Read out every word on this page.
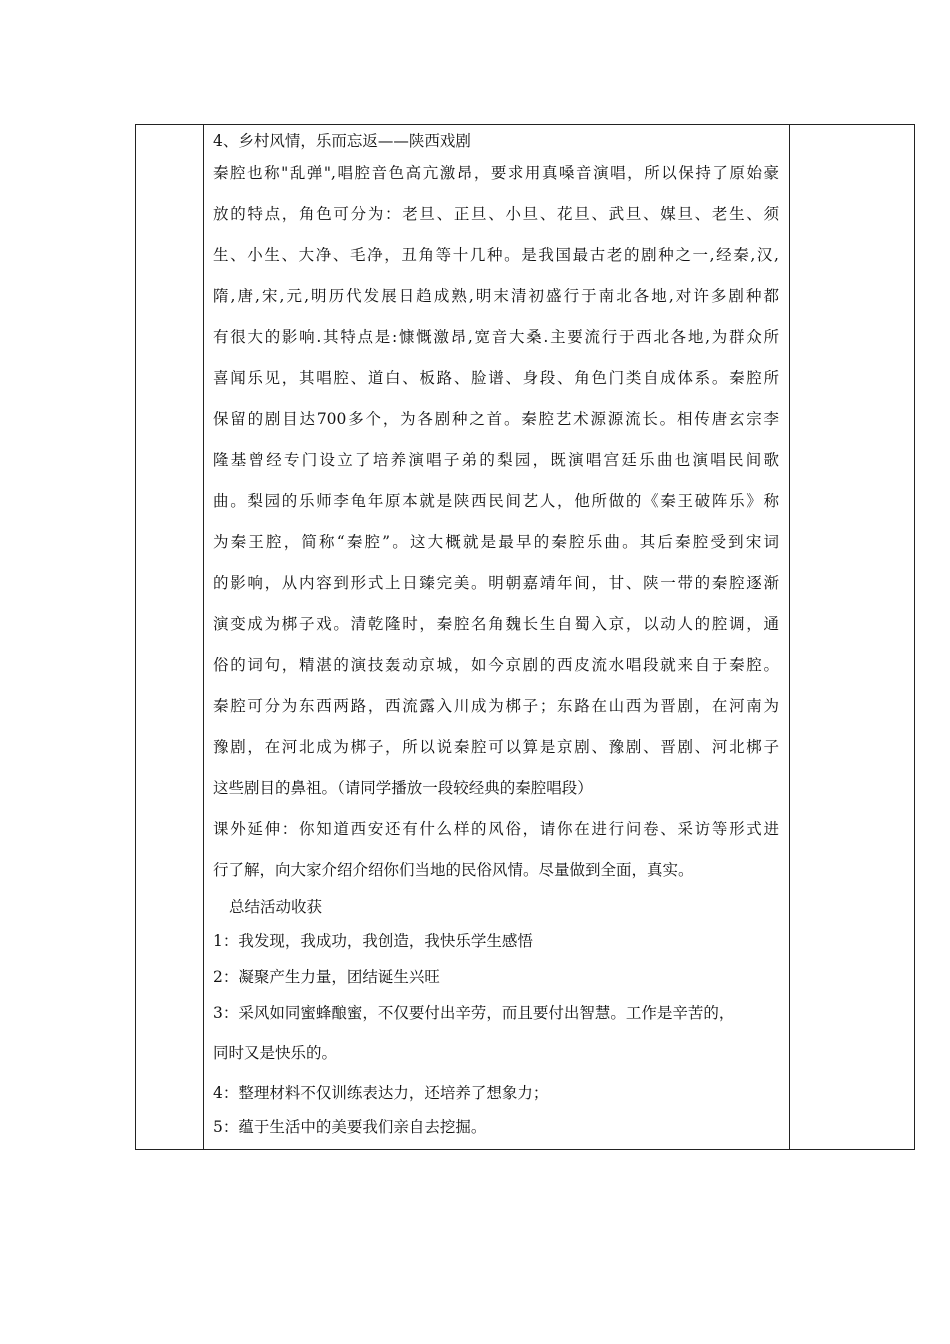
4、乡村风情，乐而忘返——陕西戏剧
秦腔也称"乱弹",唱腔音色高亢激昂，要求用真嗓音演唱，所以保持了原始豪
放的特点，角色可分为：老旦、正旦、小旦、花旦、武旦、媒旦、老生、须
生、小生、大净、毛净，丑角等十几种。是我国最古老的剧种之一,经秦,汉,
隋,唐,宋,元,明历代发展日趋成熟,明末清初盛行于南北各地,对许多剧种都
有很大的影响.其特点是:慷慨激昂,宽音大桑.主要流行于西北各地,为群众所
喜闻乐见，其唱腔、道白、板路、脸谱、身段、角色门类自成体系。秦腔所
保留的剧目达700多个，为各剧种之首。秦腔艺术源源流长。相传唐玄宗李
隆基曾经专门设立了培养演唱子弟的梨园，既演唱宫廷乐曲也演唱民间歌
曲。梨园的乐师李龟年原本就是陕西民间艺人，他所做的《秦王破阵乐》称
为秦王腔，简称“秦腔”。这大概就是最早的秦腔乐曲。其后秦腔受到宋词
的影响，从内容到形式上日臻完美。明朝嘉靖年间，甘、陕一带的秦腔逐渐
演变成为梆子戏。清乾隆时，秦腔名角魏长生自蜀入京，以动人的腔调，通
俗的词句，精湛的演技轰动京城，如今京剧的西皮流水唱段就来自于秦腔。
秦腔可分为东西两路，西流露入川成为梆子；东路在山西为晋剧，在河南为
豫剧，在河北成为梆子，所以说秦腔可以算是京剧、豫剧、晋剧、河北梆子
这些剧目的鼻祖。（请同学播放一段较经典的秦腔唱段）
课外延伸：你知道西安还有什么样的风俗，请你在进行问卷、采访等形式进
行了解，向大家介绍介绍你们当地的民俗风情。尽量做到全面，真实。
总结活动收获
1：我发现，我成功，我创造，我快乐学生感悟
2：凝聚产生力量，团结诞生兴旺
3：采风如同蜜蜂酿蜜，不仅要付出辛劳，而且要付出智慧。工作是辛苦的，
同时又是快乐的。
4：整理材料不仅训练表达力，还培养了想象力；
5：蕴于生活中的美要我们亲自去挖掘。
